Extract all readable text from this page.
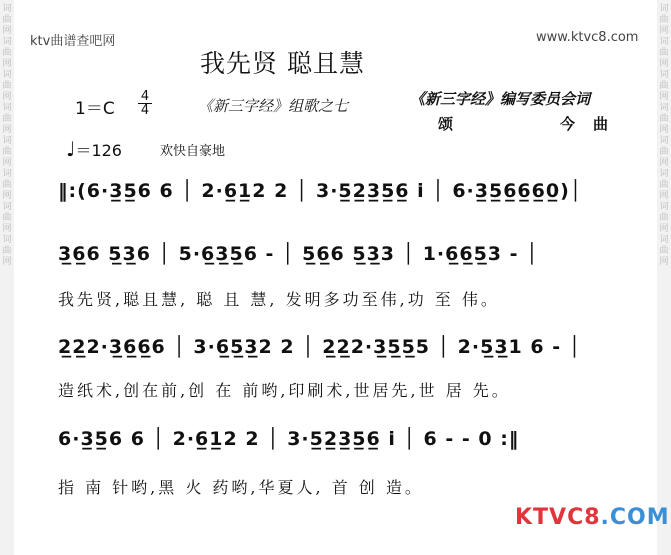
词曲网词曲网词曲网词曲网词曲网词曲网词曲网词曲网
词曲网词曲网词曲网词曲网词曲网词曲网词曲网词曲网
ktv曲谱查吧网	www.ktvc8.com
我先贤 聪且慧
1＝C
4
4	《新三字经》组歌之七	《新三字经》编写委员会词
颂	今曲
♩＝126	欢快自豪地
‖:(6·3̲5̲6 6 │ 2·6̲1̲2 2 │ 3·5̲2̲3̲5̲6̲ i │ 6·3̲5̲6̲6̲6̲0̲)│
3̲6̲6 5̲3̲6 │ 5·6̲3̲5̲6 - │ 5̲6̲6 5̲3̲3 │ 1·6̲6̲5̲3 - │
我先贤,聪且慧, 聪 且 慧, 发明多功至伟,功 至 伟。
2̲2̲2·3̲6̲6̲6 │ 3·6̲5̲3̲2 2 │ 2̲2̲2·3̲5̲5̲5 │ 2·5̲3̲1 6 - │
造纸术,创在前,创 在 前哟,印刷术,世居先,世 居 先。
6·3̲5̲6 6 │ 2·6̲1̲2 2 │ 3·5̲2̲3̲5̲6̲ i │ 6 - - 0 :‖
指 南 针哟,黑 火 药哟,华夏人, 首 创 造。
KTVC8.COM
